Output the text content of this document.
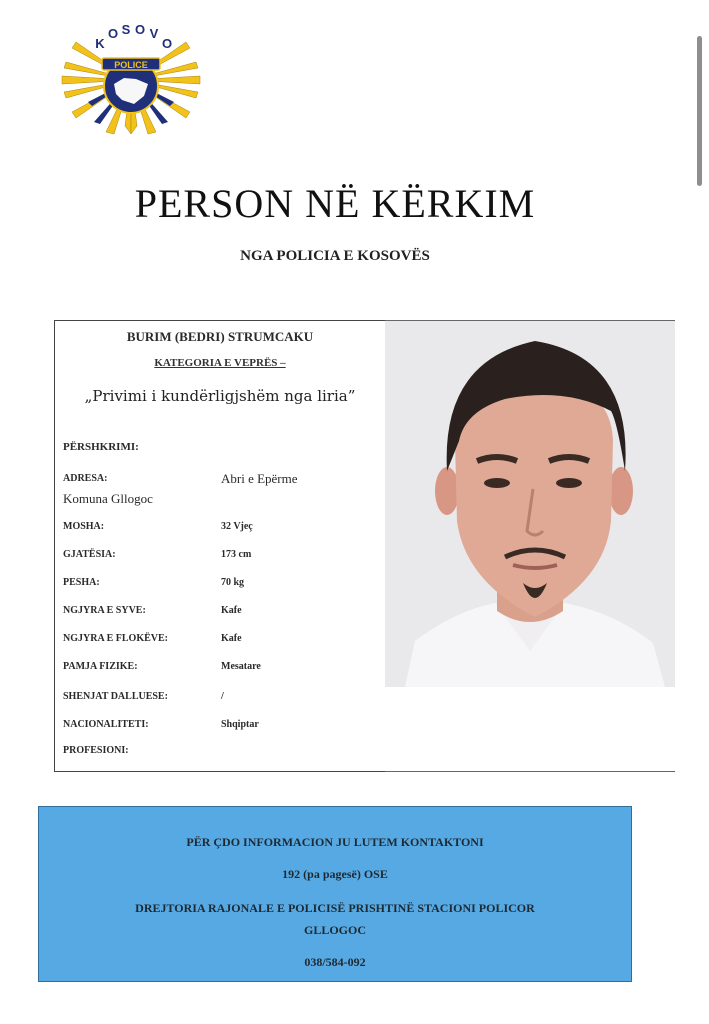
K
O S O V
O
POLICE
PERSON NË KËRKIM
NGA POLICIA E KOSOVËS
BURIM (BEDRI) STRUMCAKU
KATEGORIA E VEPRËS –
„Privimi i kundërligjshëm nga liria”
PËRSHKRIMI:
ADRESA:	Abri e Epërme
Komuna Gllogoc
MOSHA:	32 Vjeç
GJATËSIA:	173 cm
PESHA:	70 kg
NGJYRA E SYVE:	Kafe
NGJYRA E FLOKËVE:	Kafe
PAMJA FIZIKE:	Mesatare
SHENJAT DALLUESE:	/
NACIONALITETI:	Shqiptar
PROFESIONI:
PËR ÇDO INFORMACION JU LUTEM KONTAKTONI
192 (pa pagesë) OSE
DREJTORIA RAJONALE E POLICISË PRISHTINË STACIONI POLICOR
GLLOGOC
038/584-092
